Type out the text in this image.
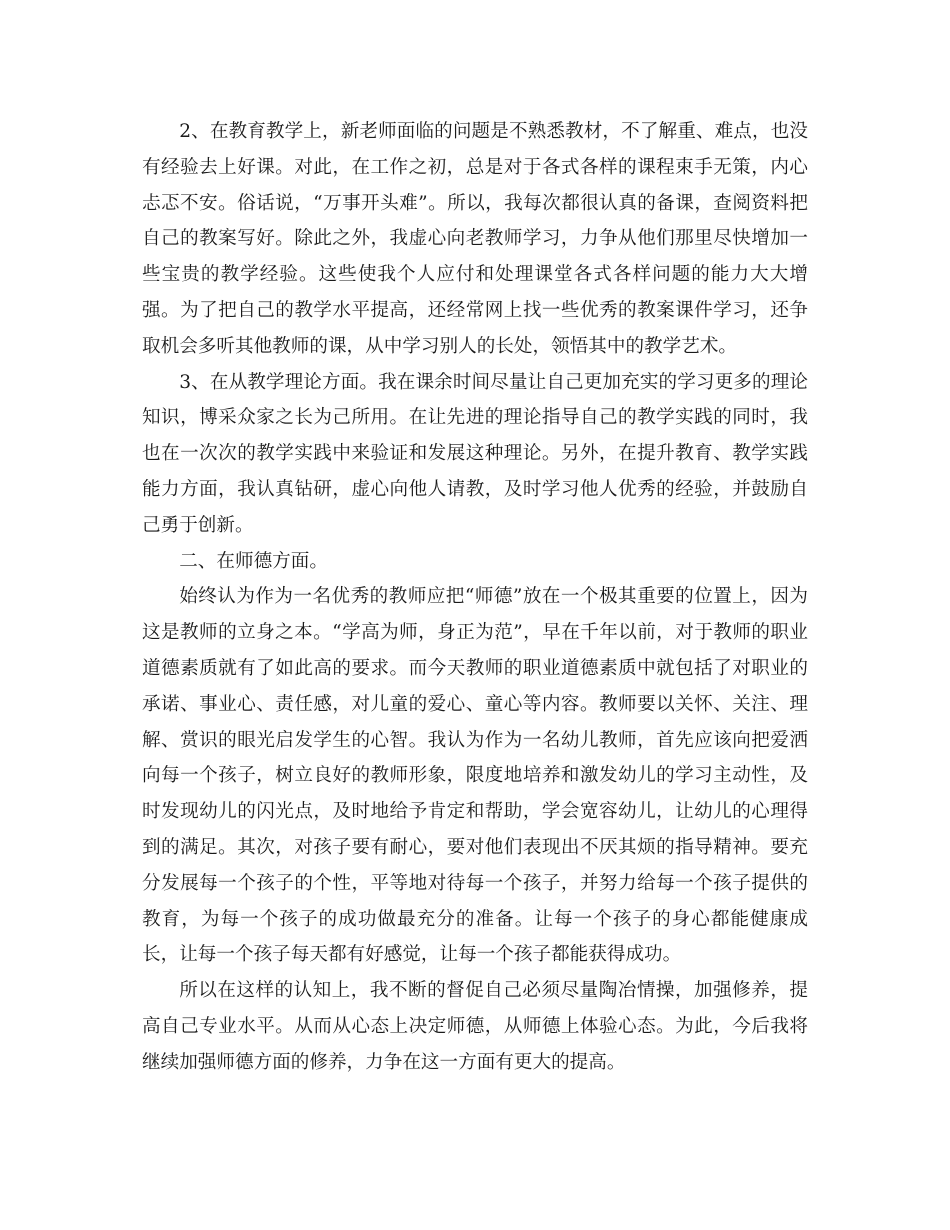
2、在教育教学上，新老师面临的问题是不熟悉教材，不了解重、难点，也没有经验去上好课。对此，在工作之初，总是对于各式各样的课程束手无策，内心忐忑不安。俗话说，“万事开头难”。所以，我每次都很认真的备课，查阅资料把自己的教案写好。除此之外，我虚心向老教师学习，力争从他们那里尽快增加一些宝贵的教学经验。这些使我个人应付和处理课堂各式各样问题的能力大大增强。为了把自己的教学水平提高，还经常网上找一些优秀的教案课件学习，还争取机会多听其他教师的课，从中学习别人的长处，领悟其中的教学艺术。

3、在从教学理论方面。我在课余时间尽量让自己更加充实的学习更多的理论知识，博采众家之长为己所用。在让先进的理论指导自己的教学实践的同时，我也在一次次的教学实践中来验证和发展这种理论。另外，在提升教育、教学实践能力方面，我认真钻研，虚心向他人请教，及时学习他人优秀的经验，并鼓励自己勇于创新。

二、在师德方面。

始终认为作为一名优秀的教师应把“师德”放在一个极其重要的位置上，因为这是教师的立身之本。“学高为师，身正为范”，早在千年以前，对于教师的职业道德素质就有了如此高的要求。而今天教师的职业道德素质中就包括了对职业的承诺、事业心、责任感，对儿童的爱心、童心等内容。教师要以关怀、关注、理解、赏识的眼光启发学生的心智。我认为作为一名幼儿教师，首先应该向把爱洒向每一个孩子，树立良好的教师形象，限度地培养和激发幼儿的学习主动性，及时发现幼儿的闪光点，及时地给予肯定和帮助，学会宽容幼儿，让幼儿的心理得到的满足。其次，对孩子要有耐心，要对他们表现出不厌其烦的指导精神。要充分发展每一个孩子的个性，平等地对待每一个孩子，并努力给每一个孩子提供的教育，为每一个孩子的成功做最充分的准备。让每一个孩子的身心都能健康成长，让每一个孩子每天都有好感觉，让每一个孩子都能获得成功。

所以在这样的认知上，我不断的督促自己必须尽量陶冶情操，加强修养，提高自己专业水平。从而从心态上决定师德，从师德上体验心态。为此，今后我将继续加强师德方面的修养，力争在这一方面有更大的提高。
